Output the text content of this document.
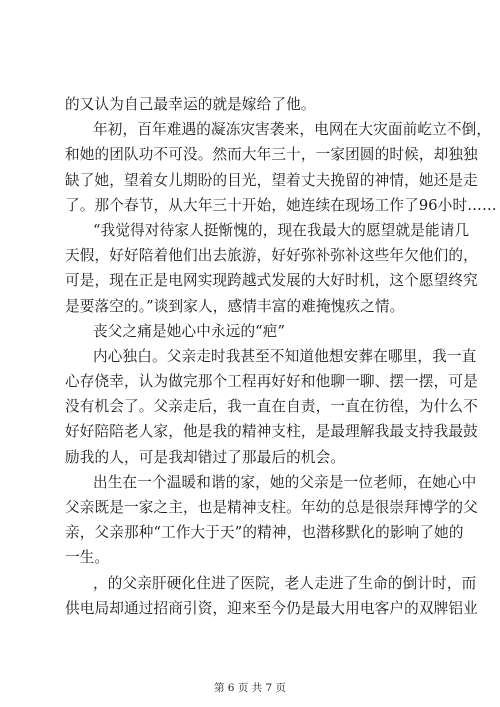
的又认为自己最幸运的就是嫁给了他。
年初，百年难遇的凝冻灾害袭来，电网在大灾面前屹立不倒，
和她的团队功不可没。然而大年三十，一家团圆的时候，却独独
缺了她，望着女儿期盼的目光，望着丈夫挽留的神情，她还是走
了。那个春节，从大年三十开始，她连续在现场工作了96小时……
“我觉得对待家人挺惭愧的，现在我最大的愿望就是能请几
天假，好好陪着他们出去旅游，好好弥补弥补这些年欠他们的，
可是，现在正是电网实现跨越式发展的大好时机，这个愿望终究
是要落空的。”谈到家人，感情丰富的难掩愧疚之情。
丧父之痛是她心中永远的“疤”
内心独白。父亲走时我甚至不知道他想安葬在哪里，我一直
心存侥幸，认为做完那个工程再好好和他聊一聊、摆一摆，可是
没有机会了。父亲走后，我一直在自责，一直在彷徨，为什么不
好好陪陪老人家，他是我的精神支柱，是最理解我最支持我最鼓
励我的人，可是我却错过了那最后的机会。
出生在一个温暖和谐的家，她的父亲是一位老师，在她心中
父亲既是一家之主，也是精神支柱。年幼的总是很崇拜博学的父
亲，父亲那种“工作大于天”的精神，也潜移默化的影响了她的
一生。
，的父亲肝硬化住进了医院，老人走进了生命的倒计时，而
供电局却通过招商引资，迎来至今仍是最大用电客户的双牌铝业
第 6 页 共 7 页
